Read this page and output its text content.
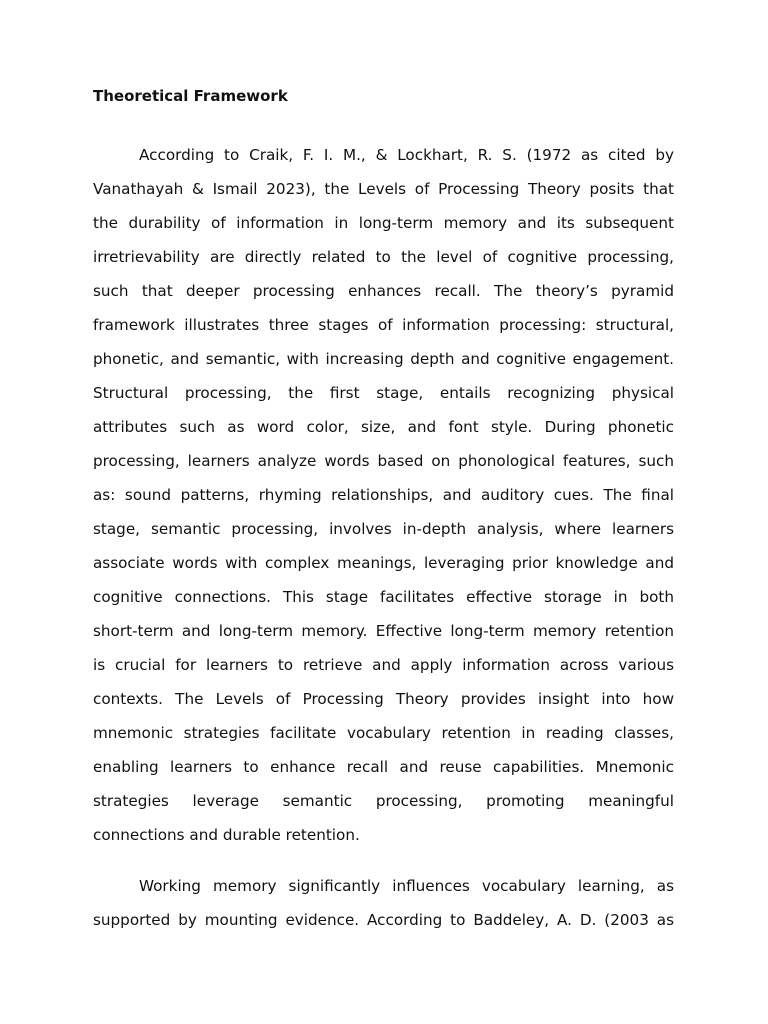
Theoretical Framework
According to Craik, F. I. M., & Lockhart, R. S. (1972 as cited by
Vanathayah & Ismail 2023), the Levels of Processing Theory posits that
the durability of information in long-term memory and its subsequent
irretrievability are directly related to the level of cognitive processing,
such that deeper processing enhances recall. The theory’s pyramid
framework illustrates three stages of information processing: structural,
phonetic, and semantic, with increasing depth and cognitive engagement.
Structural processing, the first stage, entails recognizing physical
attributes such as word color, size, and font style. During phonetic
processing, learners analyze words based on phonological features, such
as: sound patterns, rhyming relationships, and auditory cues. The final
stage, semantic processing, involves in-depth analysis, where learners
associate words with complex meanings, leveraging prior knowledge and
cognitive connections. This stage facilitates effective storage in both
short-term and long-term memory. Effective long-term memory retention
is crucial for learners to retrieve and apply information across various
contexts. The Levels of Processing Theory provides insight into how
mnemonic strategies facilitate vocabulary retention in reading classes,
enabling learners to enhance recall and reuse capabilities. Mnemonic
strategies leverage semantic processing, promoting meaningful
connections and durable retention.
Working memory significantly influences vocabulary learning, as
supported by mounting evidence. According to Baddeley, A. D. (2003 as
